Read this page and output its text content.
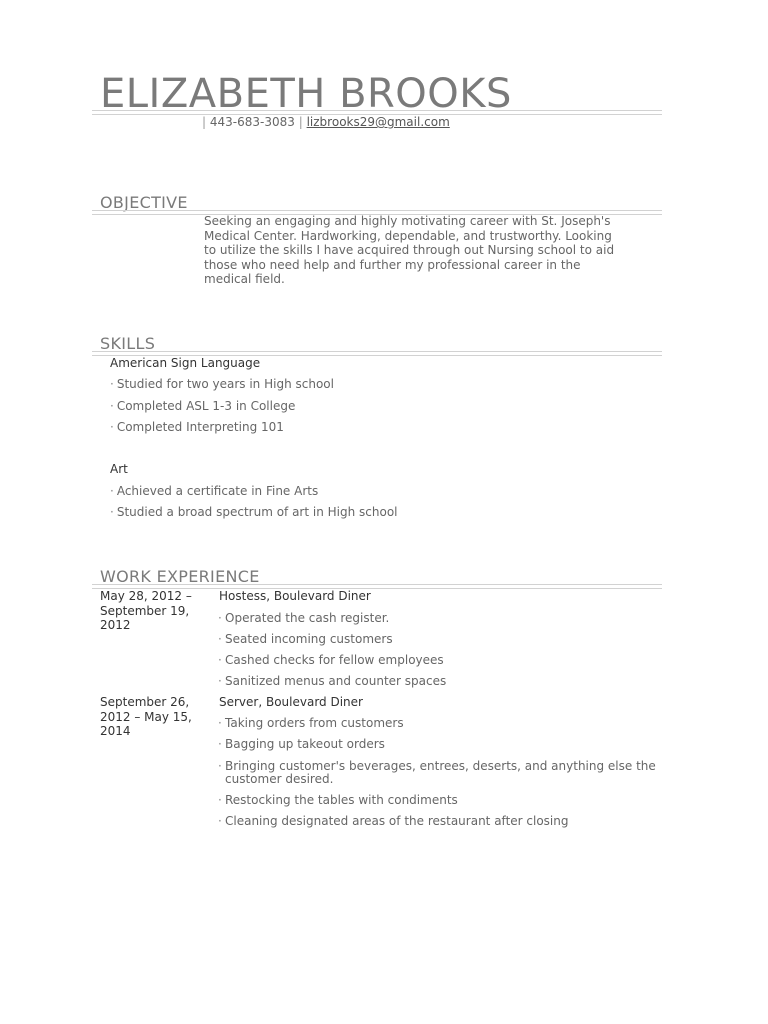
ELIZABETH BROOKS
| 443-683-3083 | lizbrooks29@gmail.com
OBJECTIVE
Seeking an engaging and highly motivating career with St. Joseph's Medical Center. Hardworking, dependable, and trustworthy. Looking to utilize the skills I have acquired through out Nursing school to aid those who need help and further my professional career in the medical field.
SKILLS
American Sign Language
· Studied for two years in High school
· Completed ASL 1-3 in College
· Completed Interpreting 101
Art
· Achieved a certificate in Fine Arts
· Studied a broad spectrum of art in High school
WORK EXPERIENCE
May 28, 2012 – September 19, 2012
Hostess, Boulevard Diner
· Operated the cash register.
· Seated incoming customers
· Cashed checks for fellow employees
· Sanitized menus and counter spaces
September 26, 2012 – May 15, 2014
Server, Boulevard Diner
· Taking orders from customers
· Bagging up takeout orders
· Bringing customer's beverages, entrees, deserts, and anything else the customer desired.
· Restocking the tables with condiments
· Cleaning designated areas of the restaurant after closing
